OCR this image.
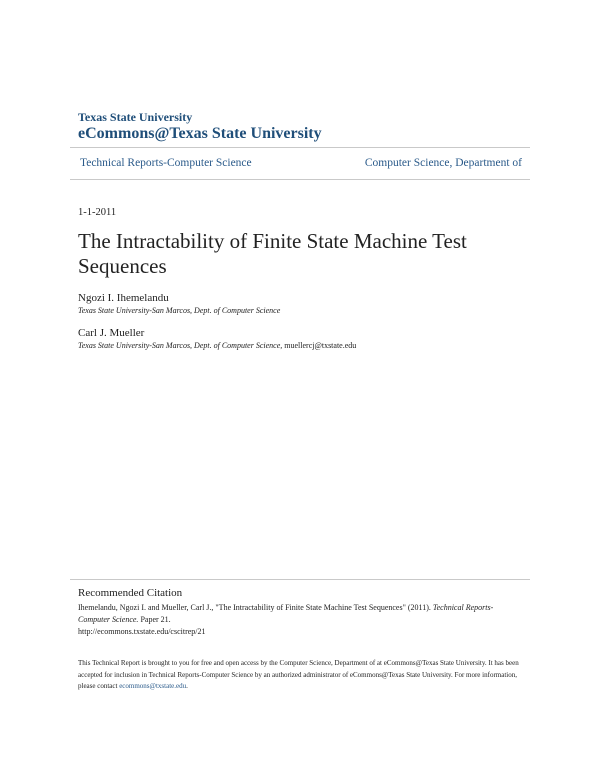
Texas State University
eCommons@Texas State University
Technical Reports-Computer Science	Computer Science, Department of
1-1-2011
The Intractability of Finite State Machine Test Sequences
Ngozi I. Ihemelandu
Texas State University-San Marcos, Dept. of Computer Science
Carl J. Mueller
Texas State University-San Marcos, Dept. of Computer Science, muellercj@txstate.edu
Recommended Citation
Ihemelandu, Ngozi I. and Mueller, Carl J., "The Intractability of Finite State Machine Test Sequences" (2011). Technical Reports-Computer Science. Paper 21.
http://ecommons.txstate.edu/cscitrep/21
This Technical Report is brought to you for free and open access by the Computer Science, Department of at eCommons@Texas State University. It has been accepted for inclusion in Technical Reports-Computer Science by an authorized administrator of eCommons@Texas State University. For more information, please contact ecommons@txstate.edu.
